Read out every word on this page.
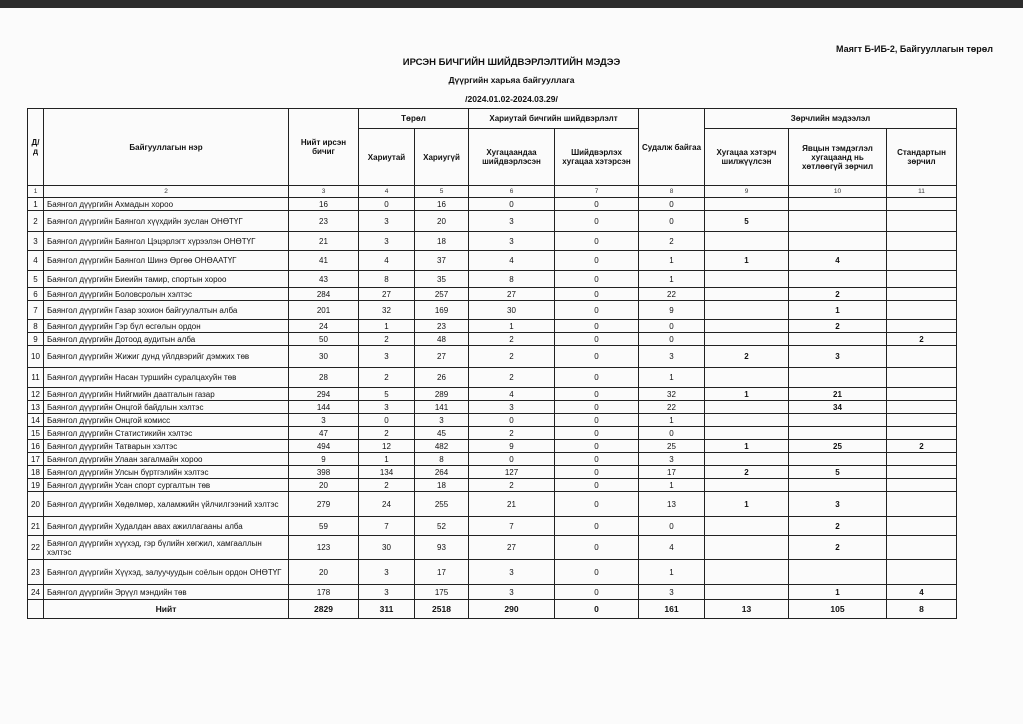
Маягт Б-ИБ-2, Байгууллагын төрөл
ИРСЭН БИЧГИЙН ШИЙДВЭРЛЭЛТИЙН МЭДЭЭ
Дүүргийн харьяа байгууллага
/2024.01.02-2024.03.29/
Д/д	Байгууллагын нэр	Нийт ирсэн бичиг	Төрөл		Хариутай бичгийн шийдвэрлэлт		Судалж байгаа	Зөрчлийн мэдээлэл		
			Хариутай	Хариугүй	Хугацаандаа шийдвэрлэсэн	Шийдвэрлэх хугацаа хэтэрсэн		Хугацаа хэтэрч шилжүүлсэн	Явцын тэмдэглэл хугацаанд нь хөтлөөгүй зөрчил	Стандартын зөрчил
1	2	3	4	5	6	7	8	9	10	11
1	Баянгол дүүргийн Ахмадын хороо	16	0	16	0	0	0			
2	Баянгол дүүргийн Баянгол хүүхдийн зуслан ОНӨТҮГ	23	3	20	3	0	0	5		
3	Баянгол дүүргийн Баянгол Цэцэрлэгт хүрээлэн ОНӨТҮГ	21	3	18	3	0	2			
4	Баянгол дүүргийн Баянгол Шинэ Өргөө ОНӨААТҮГ	41	4	37	4	0	1	1	4	
5	Баянгол дүүргийн Биеийн тамир, спортын хороо	43	8	35	8	0	1			
6	Баянгол дүүргийн Боловсролын хэлтэс	284	27	257	27	0	22		2	
7	Баянгол дүүргийн Газар зохион байгуулалтын алба	201	32	169	30	0	9		1	
8	Баянгол дүүргийн Гэр бүл өсгөлын ордон	24	1	23	1	0	0		2	
9	Баянгол дүүргийн Дотоод аудитын алба	50	2	48	2	0	0			2
10	Баянгол дүүргийн Жижиг дунд үйлдвэрийг дэмжих төв	30	3	27	2	0	3	2	3	
11	Баянгол дүүргийн Насан туршийн суралцахуйн төв	28	2	26	2	0	1			
12	Баянгол дүүргийн Нийгмийн даатгалын газар	294	5	289	4	0	32	1	21	
13	Баянгол дүүргийн Онцгой байдлын хэлтэс	144	3	141	3	0	22		34	
14	Баянгол дүүргийн Онцгой комисс	3	0	3	0	0	1			
15	Баянгол дүүргийн Статистикийн хэлтэс	47	2	45	2	0	0			
16	Баянгол дүүргийн Татварын хэлтэс	494	12	482	9	0	25	1	25	2
17	Баянгол дүүргийн Улаан загалмайн хороо	9	1	8	0	0	3			
18	Баянгол дүүргийн Улсын бүртгэлийн хэлтэс	398	134	264	127	0	17	2	5	
19	Баянгол дүүргийн Усан спорт сургалтын төв	20	2	18	2	0	1			
20	Баянгол дүүргийн Хөдөлмөр, халамжийн үйлчилгээний хэлтэс	279	24	255	21	0	13	1	3	
21	Баянгол дүүргийн Худалдан авах ажиллагааны алба	59	7	52	7	0	0		2	
22	Баянгол дүүргийн хүүхэд, гэр бүлийн хөгжил, хамгааллын хэлтэс	123	30	93	27	0	4		2	
23	Баянгол дүүргийн Хүүхэд, залуучуудын соёлын ордон ОНӨТҮГ	20	3	17	3	0	1			
24	Баянгол дүүргийн Эрүүл мэндийн төв	178	3	175	3	0	3		1	4
	Нийт	2829	311	2518	290	0	161	13	105	8
